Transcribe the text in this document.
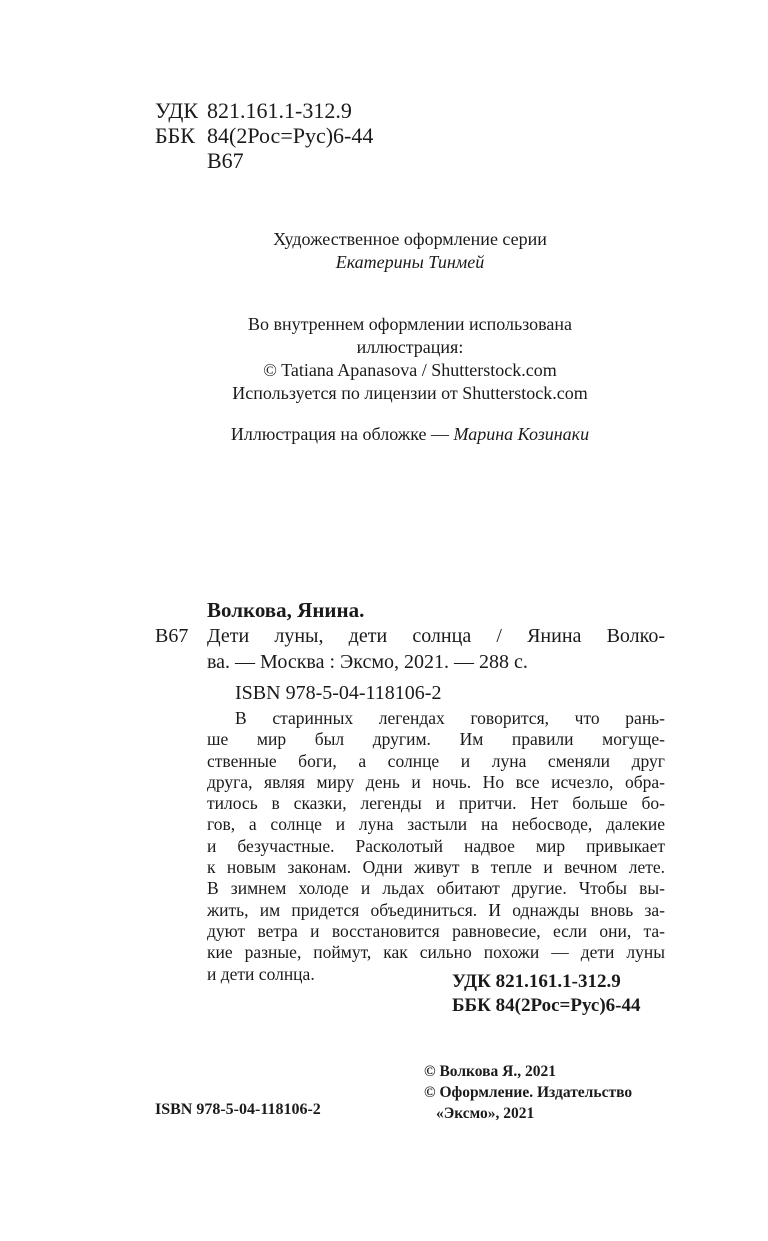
УДК 821.161.1-312.9
ББК 84(2Рос=Рус)6-44
В67
Художественное оформление серии
Екатерины Тинмей
Во внутреннем оформлении использована
иллюстрация:
© Tatiana Apanasova / Shutterstock.com
Используется по лицензии от Shutterstock.com
Иллюстрация на обложке — Марина Козинаки
Волкова, Янина.
В67 Дети луны, дети солнца / Янина Волко-
ва. — Москва : Эксмо, 2021. — 288 с.
ISBN 978-5-04-118106-2

В старинных легендах говорится, что рань-

ше мир был другим. Им правили могуще-

ственные боги, а солнце и луна сменяли друг

друга, являя миру день и ночь. Но все исчезло, обра-

тилось в сказки, легенды и притчи. Нет больше бо-

гов, а солнце и луна застыли на небосводе, далекие

и безучастные. Расколотый надвое мир привыкает

к новым законам. Одни живут в тепле и вечном лете.

В зимнем холоде и льдах обитают другие. Чтобы вы-

жить, им придется объединиться. И однажды вновь за-

дуют ветра и восстановится равновесие, если они, та-

кие разные, поймут, как сильно похожи — дети луны

и дети солнца.	УДК 821.161.1-312.9
ББК 84(2Рос=Рус)6-44
ISBN 978-5-04-118106-2
© Волкова Я., 2021
© Оформление. Издательство
«Эксмо», 2021
